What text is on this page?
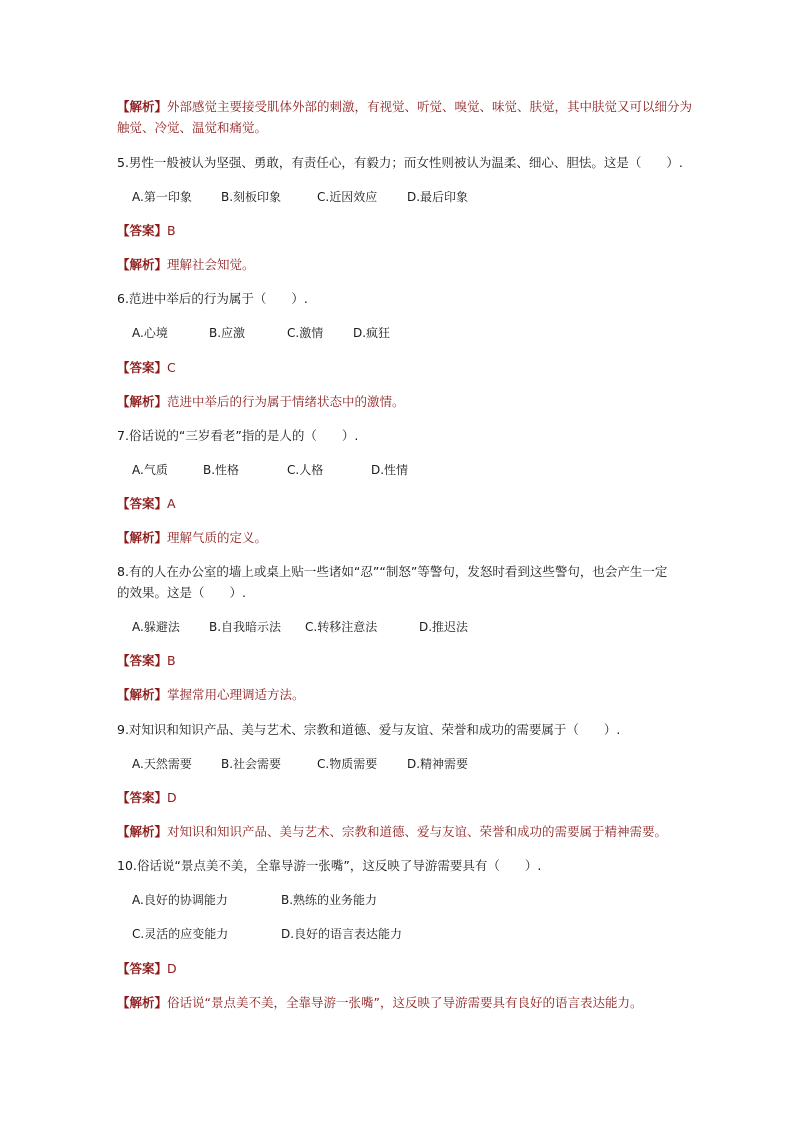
【解析】外部感觉主要接受肌体外部的刺激，有视觉、听觉、嗅觉、味觉、肤觉，其中肤觉又可以细分为
触觉、冷觉、温觉和痛觉。
5.男性一般被认为坚强、勇敢，有责任心，有毅力；而女性则被认为温柔、细心、胆怯。这是（　　）.
A.第一印象 B.刻板印象	C.近因效应 D.最后印象
【答案】B
【解析】理解社会知觉。
6.范进中举后的行为属于（　　）.
A.心境	B.应激	C.激情 D.疯狂
【答案】C
【解析】范进中举后的行为属于情绪状态中的激情。
7.俗话说的“三岁看老”指的是人的（　　）.
A.气质	B.性格	C.人格	D.性情
【答案】A
【解析】理解气质的定义。
8.有的人在办公室的墙上或桌上贴一些诸如“忍”“制怒”等警句，发怒时看到这些警句，也会产生一定
的效果。这是（　　）.
A.躲避法 B.自我暗示法 C.转移注意法	D.推迟法
【答案】B
【解析】掌握常用心理调适方法。
9.对知识和知识产品、美与艺术、宗教和道德、爱与友谊、荣誉和成功的需要属于（　　）.
A.天然需要 B.社会需要	C.物质需要 D.精神需要
【答案】D
【解析】对知识和知识产品、美与艺术、宗教和道德、爱与友谊、荣誉和成功的需要属于精神需要。
10.俗话说“景点美不美，全靠导游一张嘴”，这反映了导游需要具有（　　）.
A.良好的协调能力	B.熟练的业务能力
C.灵活的应变能力	D.良好的语言表达能力
【答案】D
【解析】俗话说“景点美不美，全靠导游一张嘴”，这反映了导游需要具有良好的语言表达能力。
